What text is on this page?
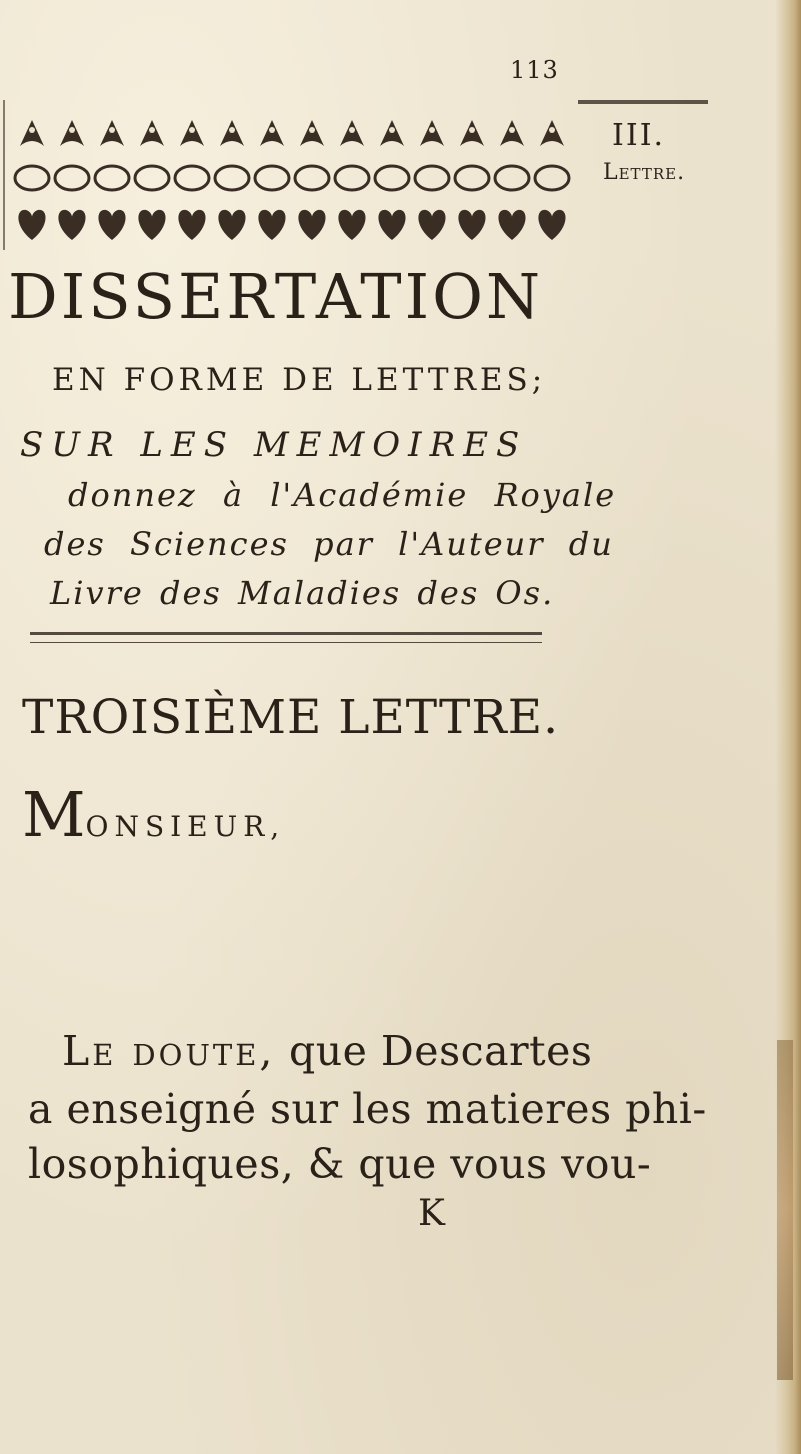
113
III.
Lettre.
DISSERTATION
EN FORME DE LETTRES;
SUR LES MEMOIRES
donnez à l'Académie Royale
des Sciences par l'Auteur du
Livre des Maladies des Os.
TROISIÈME LETTRE.
MONSIEUR,
Le doute, que Descartes
a enseigné sur les matieres phi-
losophiques, & que vous vou-
K
